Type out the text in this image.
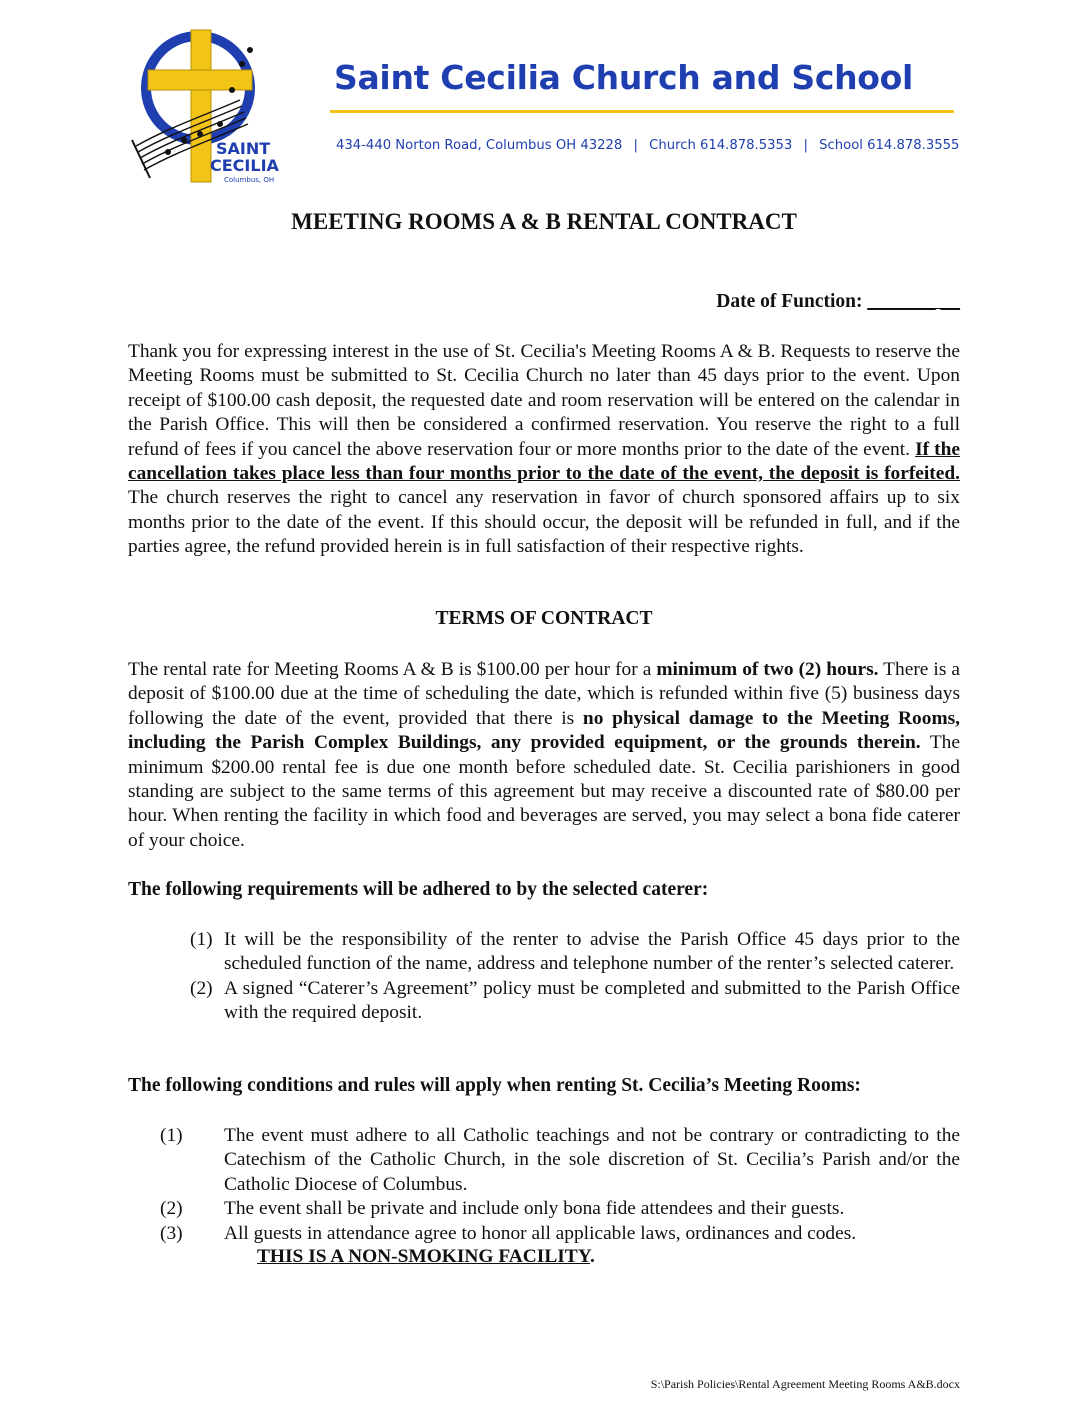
SAINT
CECILIA
Columbus, OH
Saint Cecilia Church and School
434-440 Norton Road, Columbus OH 43228 | Church 614.878.5353 | School 614.878.3555
MEETING ROOMS A & B RENTAL CONTRACT
Date of Function: _______ __

Thank you for expressing interest in the use of St. Cecilia's Meeting Rooms A & B. Requests to reserve the Meeting Rooms must be submitted to St. Cecilia Church no later than 45 days prior to the event. Upon receipt of $100.00 cash deposit, the requested date and room reservation will be entered on the calendar in the Parish Office. This will then be considered a confirmed reservation. You reserve the right to a full refund of fees if you cancel the above reservation four or more months prior to the date of the event. If the cancellation takes place less than four months prior to the date of the event, the deposit is forfeited. The church reserves the right to cancel any reservation in favor of church sponsored affairs up to six months prior to the date of the event. If this should occur, the deposit will be refunded in full, and if the parties agree, the refund provided herein is in full satisfaction of their respective rights.

TERMS OF CONTRACT

The rental rate for Meeting Rooms A & B is $100.00 per hour for a minimum of two (2) hours. There is a deposit of $100.00 due at the time of scheduling the date, which is refunded within five (5) business days following the date of the event, provided that there is no physical damage to the Meeting Rooms, including the Parish Complex Buildings, any provided equipment, or the grounds therein. The minimum $200.00 rental fee is due one month before scheduled date. St. Cecilia parishioners in good standing are subject to the same terms of this agreement but may receive a discounted rate of $80.00 per hour. When renting the facility in which food and beverages are served, you may select a bona fide caterer of your choice.

The following requirements will be adhered to by the selected caterer:
(1) It will be the responsibility of the renter to advise the Parish Office 45 days prior to the scheduled function of the name, address and telephone number of the renter’s selected caterer.
(2) A signed “Caterer’s Agreement” policy must be completed and submitted to the Parish Office with the required deposit.
The following conditions and rules will apply when renting St. Cecilia’s Meeting Rooms:
(1) The event must adhere to all Catholic teachings and not be contrary or contradicting to the Catechism of the Catholic Church, in the sole discretion of St. Cecilia’s Parish and/or the Catholic Diocese of Columbus.
(2) The event shall be private and include only bona fide attendees and their guests.
(3) All guests in attendance agree to honor all applicable laws, ordinances and codes.
THIS IS A NON-SMOKING FACILITY.
S:\Parish Policies\Rental Agreement Meeting Rooms A&B.docx
